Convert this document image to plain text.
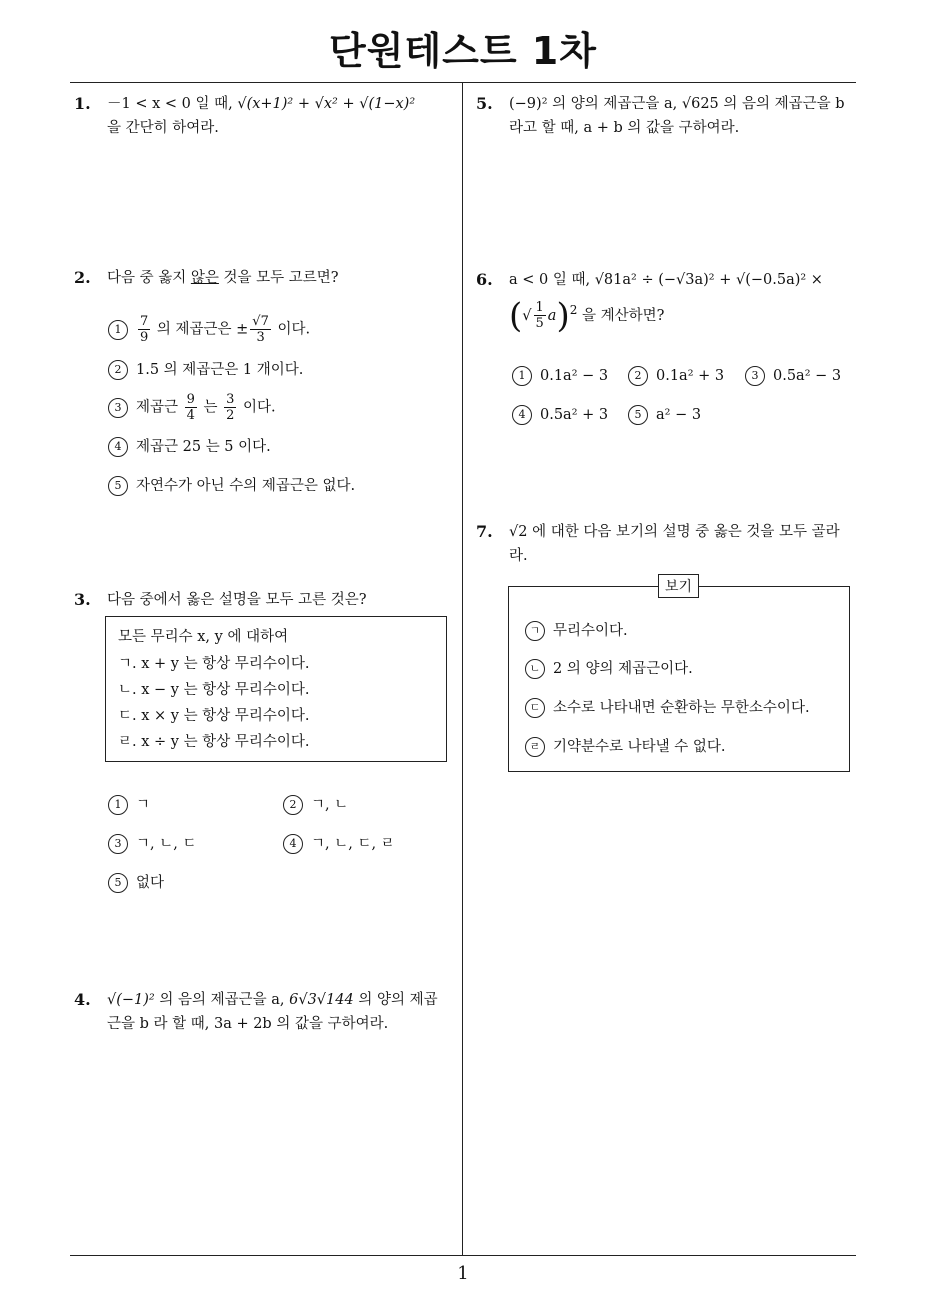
단원테스트 1차
1
1. －1 < x < 0 일 때, √(x+1)² + √x² + √(1−x)²
을 간단히 하여라.
2. 다음 중 옳지 않은 것을 모두 고르면?
$1 \frac{7}{9}$ 의 제곱근은 ± $\frac{√7}{3}$ 이다.
2 1.5 의 제곱근은 1 개이다.
3 제곱근 $\frac{9}{4}$ 는 $\frac{3}{2}$ 이다.
4 제곱근 25 는 5 이다.
5 자연수가 아닌 수의 제곱근은 없다.
3. 다음 중에서 옳은 설명을 모두 고른 것은?
모든 무리수 x, y 에 대하여
ㄱ. x + y 는 항상 무리수이다.
ㄴ. x − y 는 항상 무리수이다.
ㄷ. x × y 는 항상 무리수이다.
ㄹ. x ÷ y 는 항상 무리수이다.
1 ㄱ	2 ㄱ, ㄴ
3 ㄱ, ㄴ, ㄷ	4 ㄱ, ㄴ, ㄷ, ㄹ
5 없다
4. √(−1)² 의 음의 제곱근을 a, 6√3√144 의 양의 제곱
근을 b 라 할 때, 3a + 2b 의 값을 구하여라.
5. (−9)² 의 양의 제곱근을 a, √625 의 음의 제곱근을 b
라고 할 때, a + b 의 값을 구하여라.
6. a < 0 일 때, √81a² ÷ (−√3a)² + √(−0.5a)² ×
(√ $\frac{1}{5} a)^2$ 을 계산하면?
1 0.1a² − 3	2 0.1a² + 3	3 0.5a² − 3
4 0.5a² + 3	5 a² − 3
7. √2 에 대한 다음 보기의 설명 중 옳은 것을 모두 골라
라.
ㄱ 무리수이다.
ㄴ 2 의 양의 제곱근이다.
ㄷ 소수로 나타내면 순환하는 무한소수이다.
ㄹ 기약분수로 나타낼 수 없다.
보기
